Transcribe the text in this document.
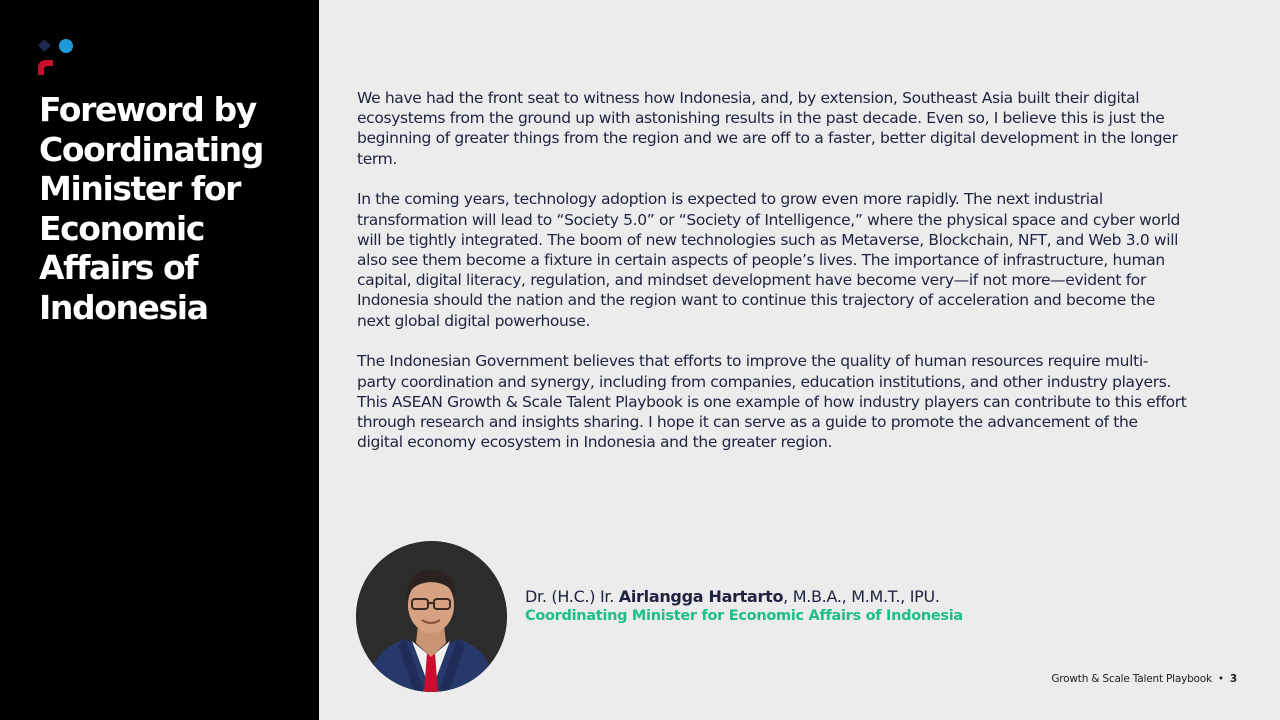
Foreword by Coordinating Minister for Economic Affairs of Indonesia

We have had the front seat to witness how Indonesia, and, by extension, Southeast Asia built their digital ecosystems from the ground up with astonishing results in the past decade. Even so, I believe this is just the beginning of greater things from the region and we are off to a faster, better digital development in the longer term.

In the coming years, technology adoption is expected to grow even more rapidly. The next industrial transformation will lead to “Society 5.0” or “Society of Intelligence,” where the physical space and cyber world will be tightly integrated. The boom of new technologies such as Metaverse, Blockchain, NFT, and Web 3.0 will also see them become a fixture in certain aspects of people’s lives. The importance of infrastructure, human capital, digital literacy, regulation, and mindset development have become very—if not more—evident for Indonesia should the nation and the region want to continue this trajectory of acceleration and become the next global digital powerhouse.

The Indonesian Government believes that efforts to improve the quality of human resources require multi-party coordination and synergy, including from companies, education institutions, and other industry players. This ASEAN Growth & Scale Talent Playbook is one example of how industry players can contribute to this effort through research and insights sharing. I hope it can serve as a guide to promote the advancement of the digital economy ecosystem in Indonesia and the greater region.

Dr. (H.C.) Ir. Airlangga Hartarto, M.B.A., M.M.T., IPU.
Coordinating Minister for Economic Affairs of Indonesia
Growth & Scale Talent Playbook • 3
